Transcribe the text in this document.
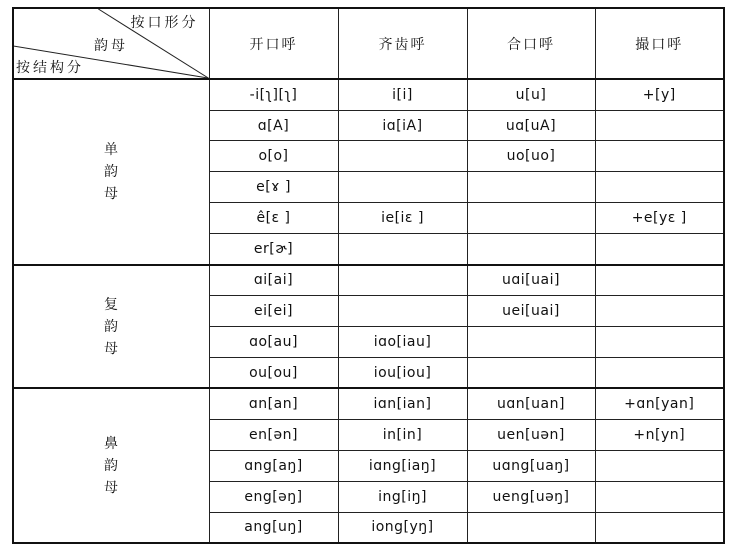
按口形分
韵母
按结构分	开口呼	齐齿呼	合口呼	撮口呼

单
韵
母	-i[ʅ][ʅ]	i[i]	u[u]	+[y]
	ɑ[A]	iɑ[iA]	uɑ[uA]	
	o[o]		uo[uo]	
	e[ɤ ]			
	ê[ɛ ]	ie[iɛ ]		+e[yɛ ]
	er[ɚ]			

复
韵
母	ɑi[ai]		uɑi[uai]	
	ei[ei]		uei[uai]	
	ɑo[au]	iɑo[iau]		
	ou[ou]	iou[iou]		

鼻
韵
母	ɑn[an]	iɑn[ian]	uɑn[uan]	+ɑn[yan]
	en[ən]	in[in]	uen[uən]	+n[yn]
	ɑng[aŋ]	iɑng[iaŋ]	uɑng[uaŋ]	
	eng[əŋ]	ing[iŋ]	ueng[uəŋ]	
	ang[uŋ]	iong[yŋ]		
